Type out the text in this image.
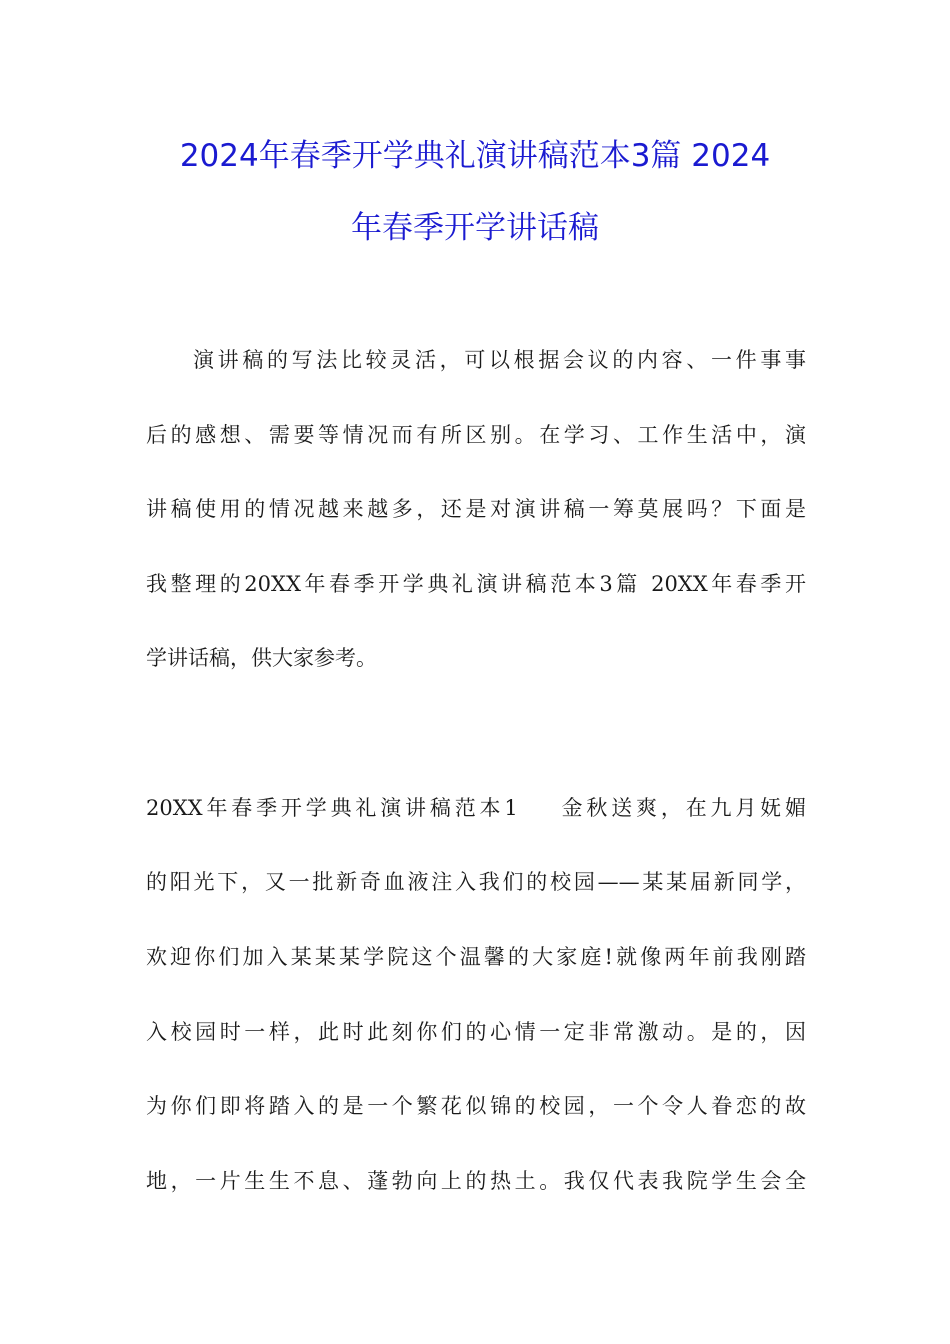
2024年春季开学典礼演讲稿范本3篇 2024
年春季开学讲话稿

演讲稿的写法比较灵活，可以根据会议的内容、一件事事

后的感想、需要等情况而有所区别。在学习、工作生活中，演

讲稿使用的情况越来越多，还是对演讲稿一筹莫展吗？下面是

我整理的20XX年春季开学典礼演讲稿范本3篇 20XX年春季开

学讲话稿，供大家参考。

20XX年春季开学典礼演讲稿范本1 金秋送爽，在九月妩媚

的阳光下，又一批新奇血液注入我们的校园——某某届新同学，

欢迎你们加入某某某学院这个温馨的大家庭!就像两年前我刚踏

入校园时一样，此时此刻你们的心情一定非常激动。是的，因

为你们即将踏入的是一个繁花似锦的校园，一个令人眷恋的故

地，一片生生不息、蓬勃向上的热土。我仅代表我院学生会全
